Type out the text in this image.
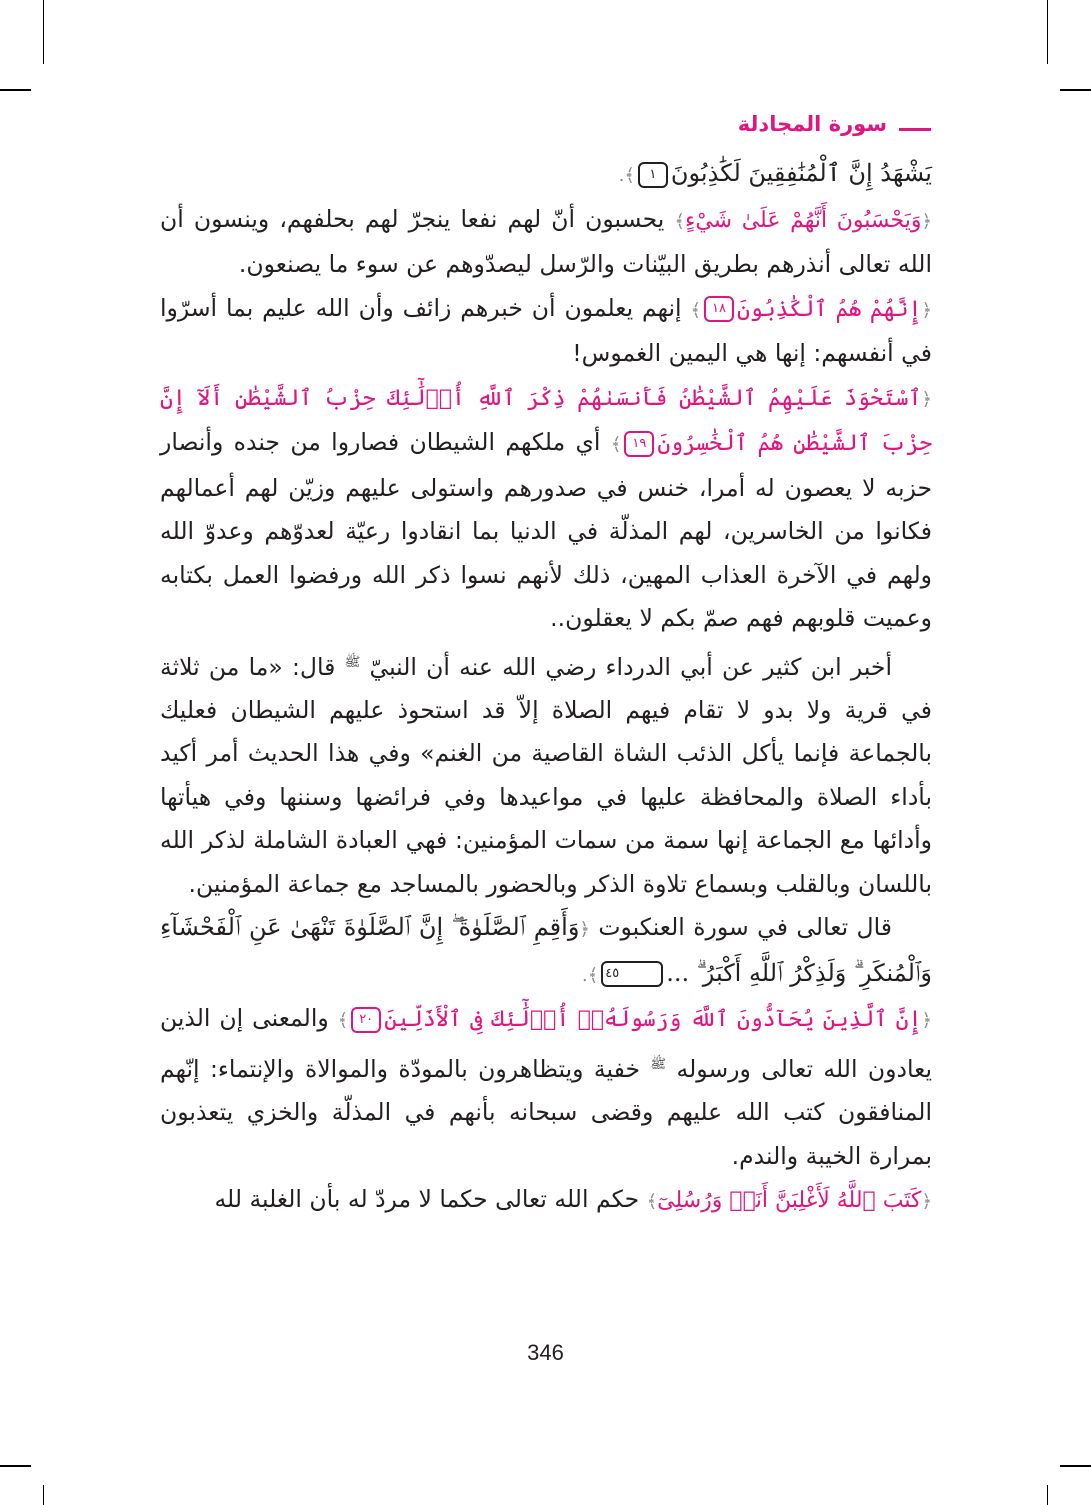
سورة المجادلة

يَشْهَدُ إِنَّ ٱلْمُنَٰفِقِينَ لَكَٰذِبُونَ١﴾.

﴿وَيَحْسَبُونَ أَنَّهُمْ عَلَىٰ شَيْءٍ﴾ يحسبون أنّ لهم نفعا ينجرّ لهم بحلفهم، وينسون أن الله تعالى أنذرهم بطريق البيّنات والرّسل ليصدّوهم عن سوء ما يصنعون.

﴿إِنَّهُمْ هُمُ ٱلْكَٰذِبُونَ١٨﴾ إنهم يعلمون أن خبرهم زائف وأن الله عليم بما أسرّوا في أنفسهم: إنها هي اليمين الغموس!

﴿ٱسْتَحْوَذَ عَلَيْهِمُ ٱلشَّيْطَٰنُ فَأَنسَىٰهُمْ ذِكْرَ ٱللَّهِ أُو۟لَٰٓئِكَ حِزْبُ ٱلشَّيْطَٰنِ أَلَآ إِنَّ حِزْبَ ٱلشَّيْطَٰنِ هُمُ ٱلْخَٰسِرُونَ١٩﴾ أي ملكهم الشيطان فصاروا من جنده وأنصار حزبه لا يعصون له أمرا، خنس في صدورهم واستولى عليهم وزيّن لهم أعمالهم فكانوا من الخاسرين، لهم المذلّة في الدنيا بما انقادوا رعيّة لعدوّهم وعدوّ الله ولهم في الآخرة العذاب المهين، ذلك لأنهم نسوا ذكر الله ورفضوا العمل بكتابه وعميت قلوبهم فهم صمّ بكم لا يعقلون..

أخبر ابن كثير عن أبي الدرداء رضي الله عنه أن النبيّ $^ﷺ$ قال: «ما من ثلاثة في قرية ولا بدو لا تقام فيهم الصلاة إلاّ قد استحوذ عليهم الشيطان فعليك بالجماعة فإنما يأكل الذئب الشاة القاصية من الغنم» وفي هذا الحديث أمر أكيد بأداء الصلاة والمحافظة عليها في مواعيدها وفي فرائضها وسننها وفي هيأتها وأدائها مع الجماعة إنها سمة من سمات المؤمنين: فهي العبادة الشاملة لذكر الله باللسان وبالقلب وبسماع تلاوة الذكر وبالحضور بالمساجد مع جماعة المؤمنين.

قال تعالى في سورة العنكبوت ﴿وَأَقِمِ ٱلصَّلَوٰةَ ۖ إِنَّ ٱلصَّلَوٰةَ تَنْهَىٰ عَنِ ٱلْفَحْشَآءِ وَٱلْمُنكَرِ ۗ وَلَذِكْرُ ٱللَّهِ أَكْبَرُ ۗ ...٤٥﴾.

﴿إِنَّ ٱلَّذِينَ يُحَآدُّونَ ٱللَّهَ وَرَسُولَهُۥٓ أُو۟لَٰٓئِكَ فِى ٱلْأَذَلِّينَ٢٠﴾ والمعنى إن الذين يعادون الله تعالى ورسوله $^ﷺ$ خفية ويتظاهرون بالمودّة والموالاة والإنتماء: إنّهم المنافقون كتب الله عليهم وقضى سبحانه بأنهم في المذلّة والخزي يتعذبون بمرارة الخيبة والندم.

﴿كَتَبَ ٱللَّهُ لَأَغْلِبَنَّ أَنَا۠ وَرُسُلِىٓ﴾ حكم الله تعالى حكما لا مردّ له بأن الغلبة لله

346
